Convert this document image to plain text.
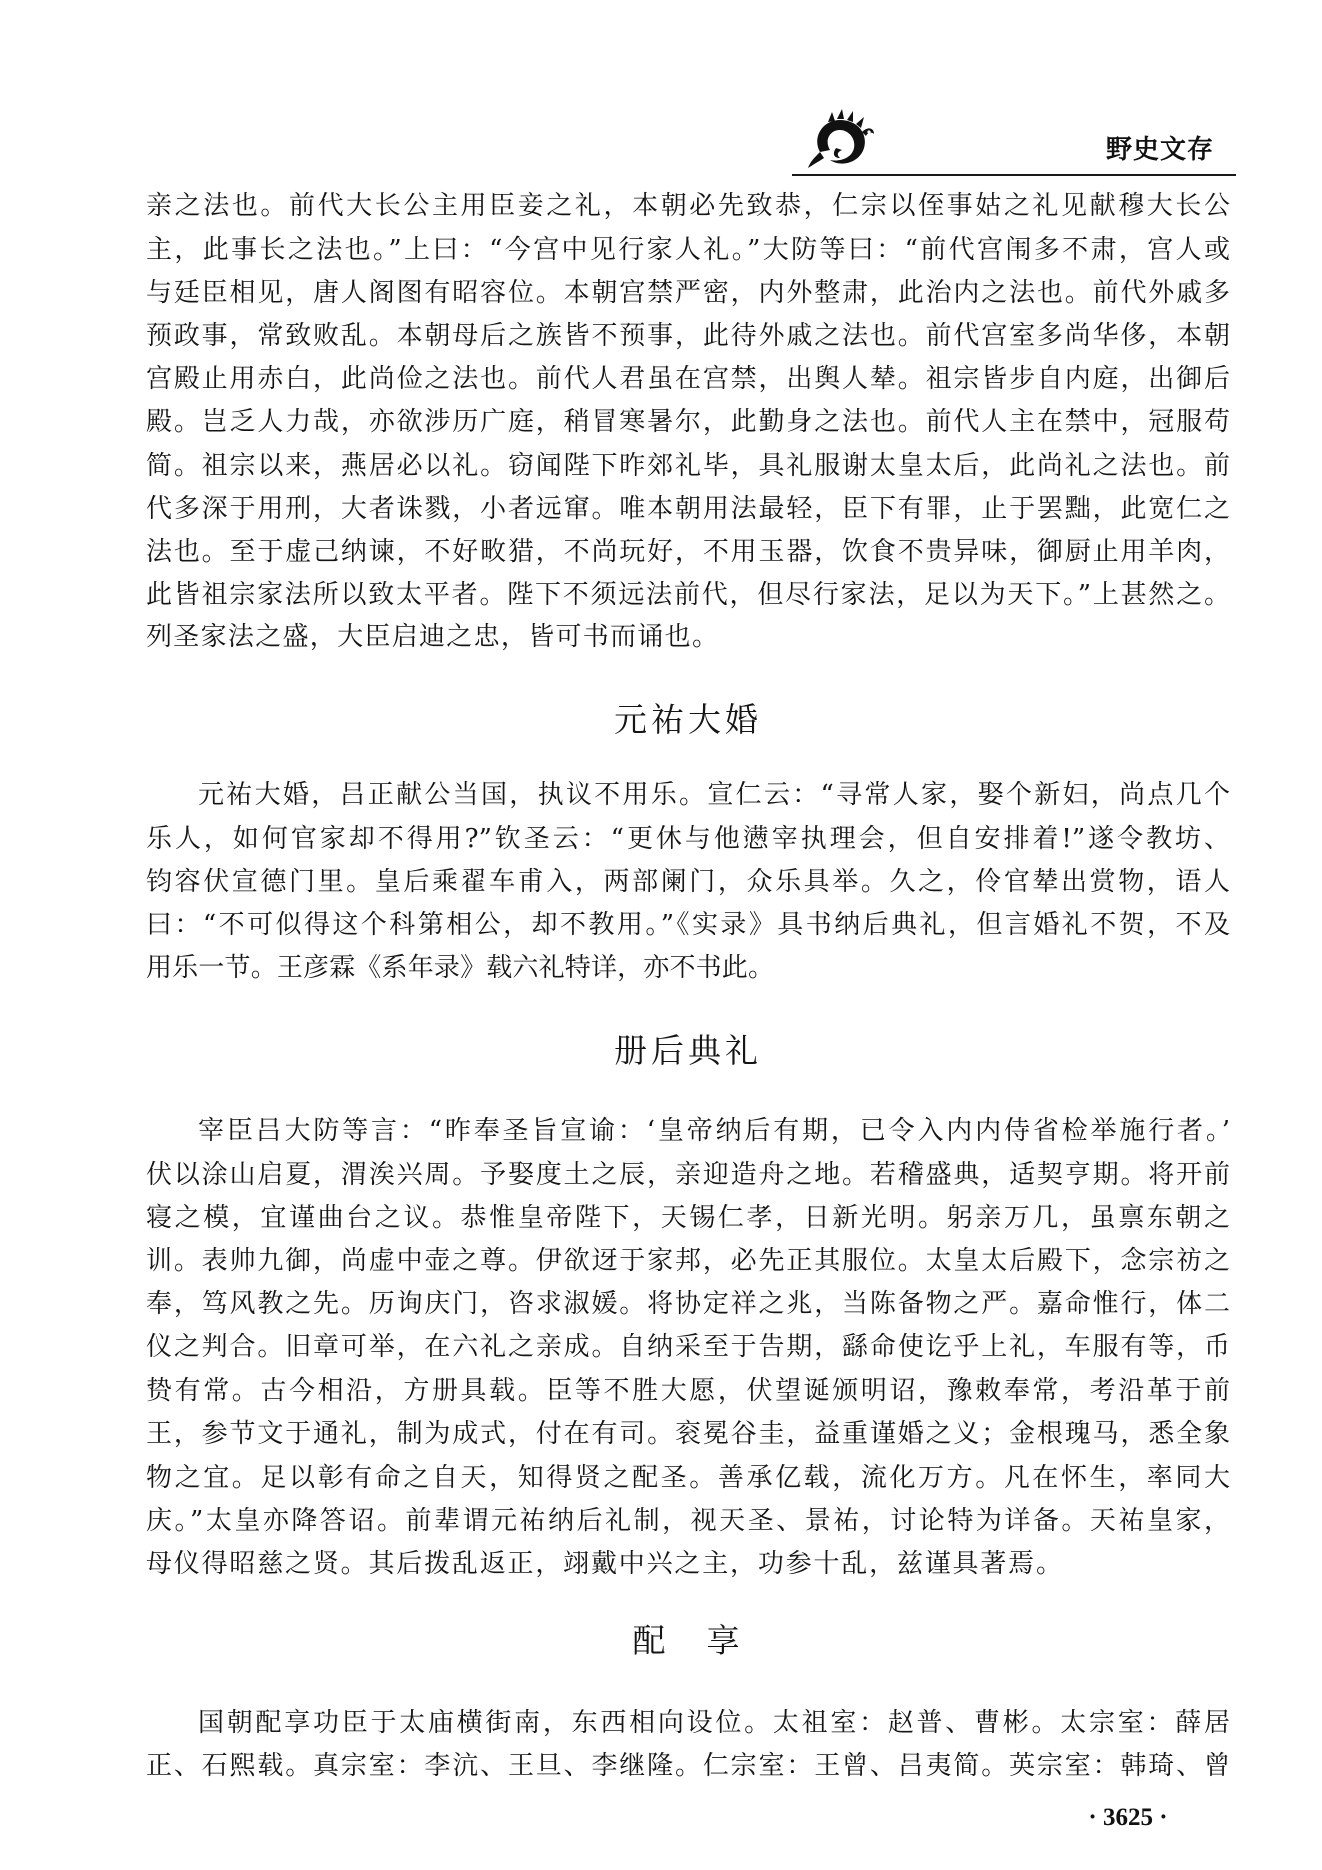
野史文存
亲之法也。前代大长公主用臣妾之礼，本朝必先致恭，仁宗以侄事姑之礼见献穆大长公
主，此事长之法也。”上曰：“今宫中见行家人礼。”大防等曰：“前代宫闱多不肃，宫人或
与廷臣相见，唐人阁图有昭容位。本朝宫禁严密，内外整肃，此治内之法也。前代外戚多
预政事，常致败乱。本朝母后之族皆不预事，此待外戚之法也。前代宫室多尚华侈，本朝
宫殿止用赤白，此尚俭之法也。前代人君虽在宫禁，出舆人辇。祖宗皆步自内庭，出御后
殿。岂乏人力哉，亦欲涉历广庭，稍冒寒暑尔，此勤身之法也。前代人主在禁中，冠服苟
简。祖宗以来，燕居必以礼。窃闻陛下昨郊礼毕，具礼服谢太皇太后，此尚礼之法也。前
代多深于用刑，大者诛戮，小者远窜。唯本朝用法最轻，臣下有罪，止于罢黜，此宽仁之
法也。至于虚己纳谏，不好畋猎，不尚玩好，不用玉器，饮食不贵异味，御厨止用羊肉，
此皆祖宗家法所以致太平者。陛下不须远法前代，但尽行家法，足以为天下。”上甚然之。
列圣家法之盛，大臣启迪之忠，皆可书而诵也。
元祐大婚
元祐大婚，吕正献公当国，执议不用乐。宣仁云：“寻常人家，娶个新妇，尚点几个
乐人，如何官家却不得用?”钦圣云：“更休与他懑宰执理会，但自安排着!”遂令教坊、
钧容伏宣德门里。皇后乘翟车甫入，两部阑门，众乐具举。久之，伶官辇出赏物，语人
曰：“不可似得这个科第相公，却不教用。”《实录》具书纳后典礼，但言婚礼不贺，不及
用乐一节。王彦霖《系年录》载六礼特详，亦不书此。
册后典礼
宰臣吕大防等言：“昨奉圣旨宣谕：‘皇帝纳后有期，已令入内内侍省检举施行者。’
伏以涂山启夏，渭涘兴周。予娶度土之辰，亲迎造舟之地。若稽盛典，适契亨期。将开前
寝之模，宜谨曲台之议。恭惟皇帝陛下，天锡仁孝，日新光明。躬亲万几，虽禀东朝之
训。表帅九御，尚虚中壶之尊。伊欲迓于家邦，必先正其服位。太皇太后殿下，念宗祊之
奉，笃风教之先。历询庆门，咨求淑媛。将协定祥之兆，当陈备物之严。嘉命惟行，体二
仪之判合。旧章可举，在六礼之亲成。自纳采至于告期，繇命使讫乎上礼，车服有等，币
贽有常。古今相沿，方册具载。臣等不胜大愿，伏望诞颁明诏，豫敕奉常，考沿革于前
王，参节文于通礼，制为成式，付在有司。衮冕谷圭，益重谨婚之义；金根瑰马，悉全象
物之宜。足以彰有命之自天，知得贤之配圣。善承亿载，流化万方。凡在怀生，率同大
庆。”太皇亦降答诏。前辈谓元祐纳后礼制，视天圣、景祐，讨论特为详备。天祐皇家，
母仪得昭慈之贤。其后拨乱返正，翊戴中兴之主，功参十乱，兹谨具著焉。
配　享
国朝配享功臣于太庙横街南，东西相向设位。太祖室：赵普、曹彬。太宗室：薛居
正、石熙载。真宗室：李沆、王旦、李继隆。仁宗室：王曾、吕夷简。英宗室：韩琦、曾
· 3625 ·
